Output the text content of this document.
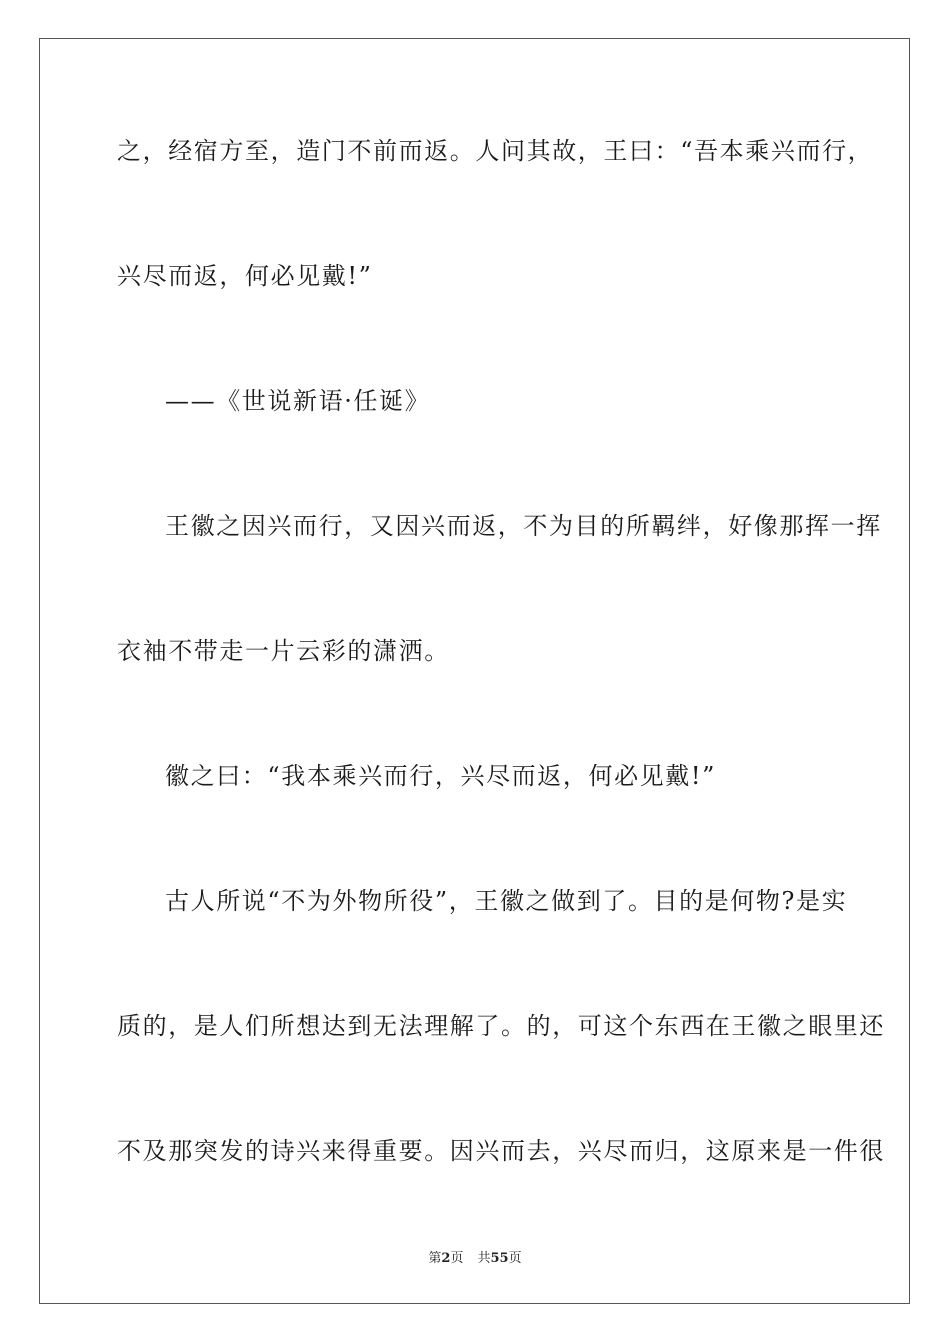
之，经宿方至，造门不前而返。人问其故，王曰：“吾本乘兴而行，
兴尽而返，何必见戴!”
——《世说新语·任诞》
王徽之因兴而行，又因兴而返，不为目的所羁绊，好像那挥一挥
衣袖不带走一片云彩的潇洒。
徽之曰：“我本乘兴而行，兴尽而返，何必见戴!”
古人所说“不为外物所役”，王徽之做到了。目的是何物?是实
质的，是人们所想达到无法理解了。的，可这个东西在王徽之眼里还
不及那突发的诗兴来得重要。因兴而去，兴尽而归，这原来是一件很
第2页 共55页
